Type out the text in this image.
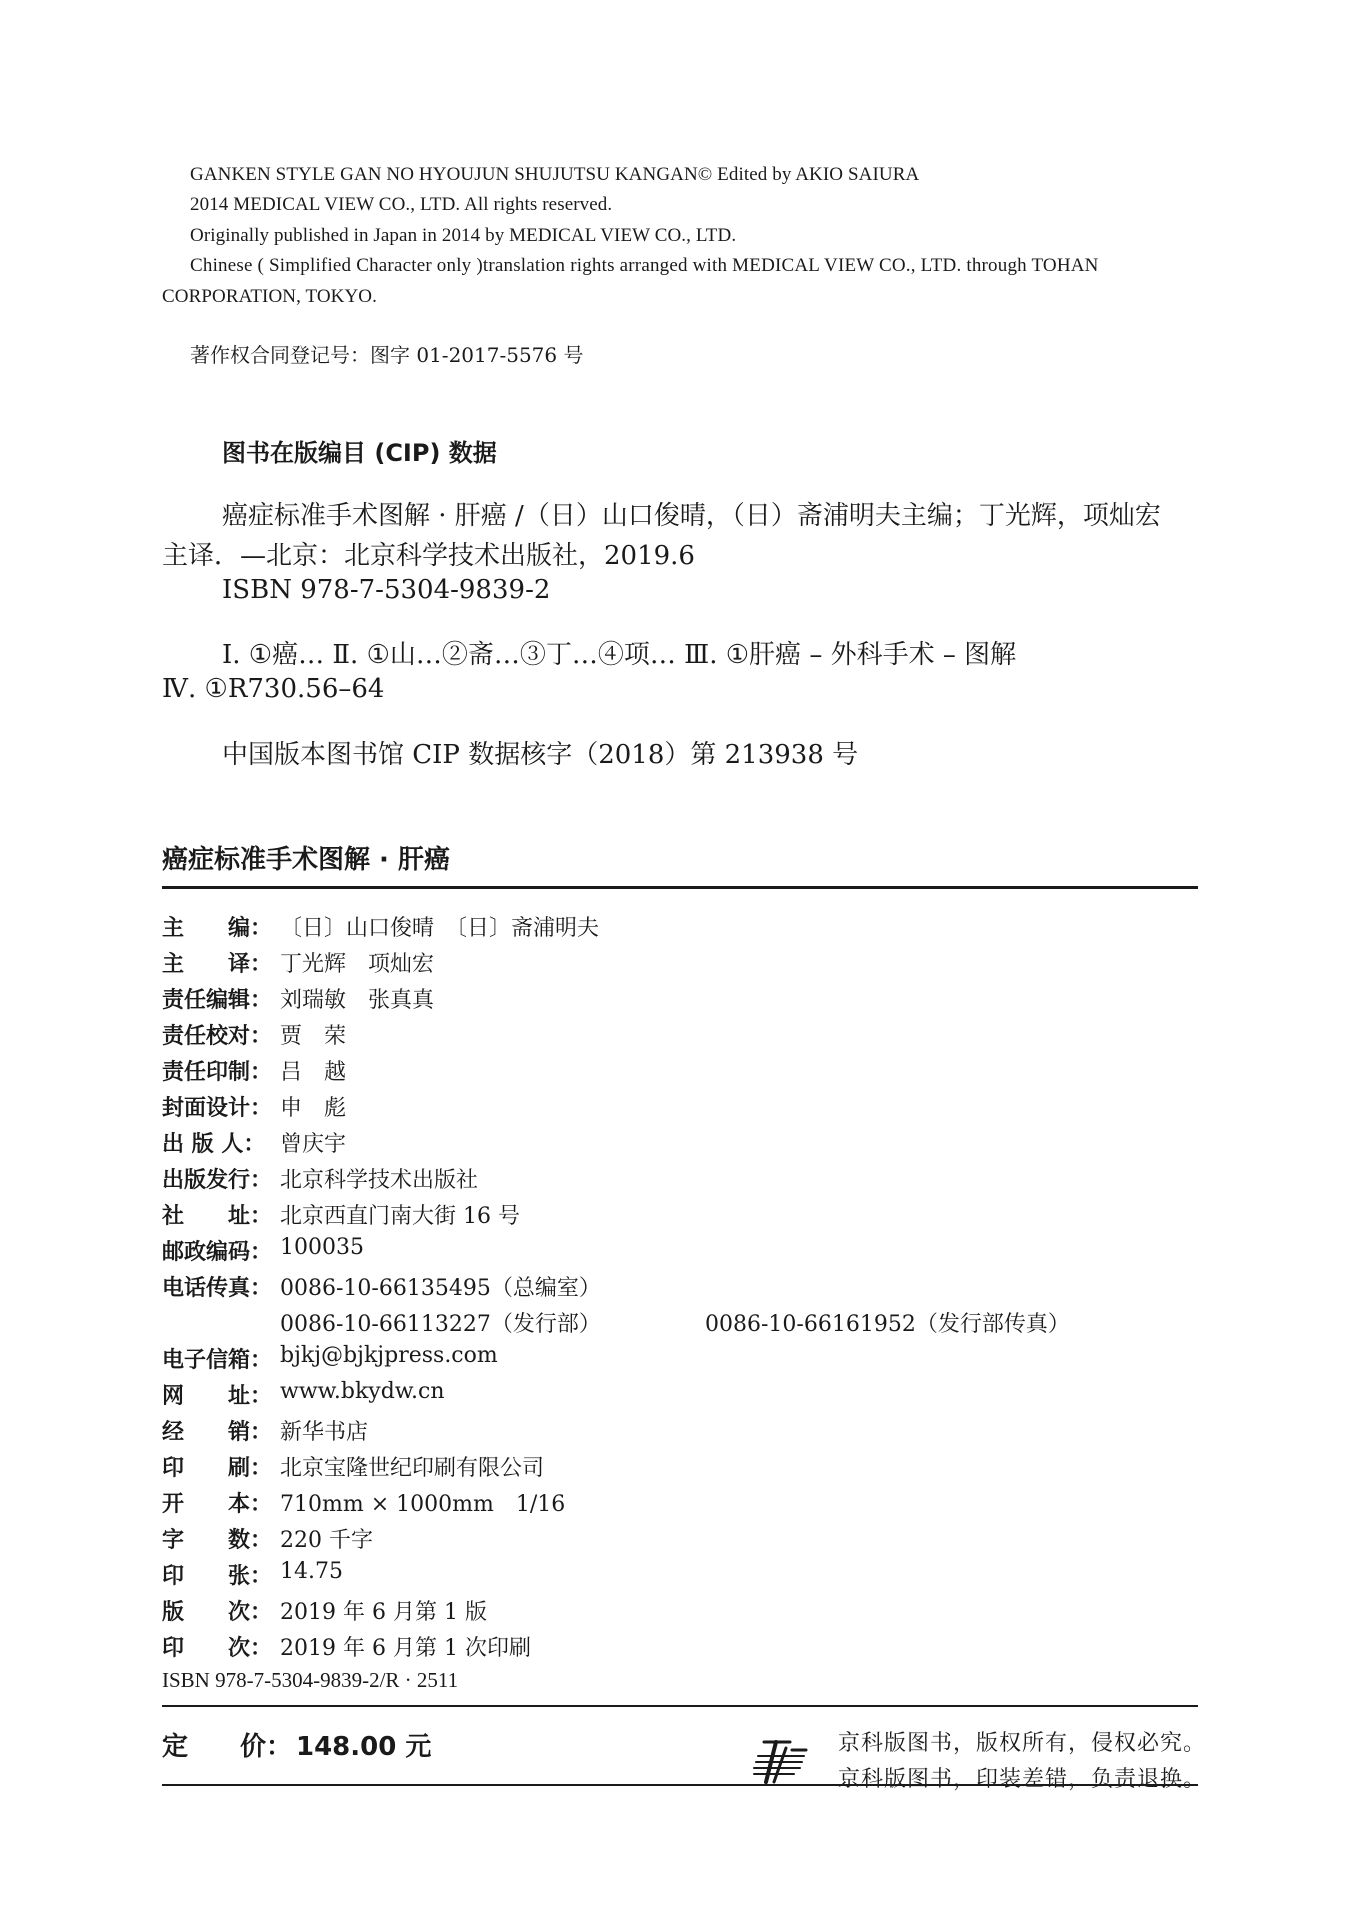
GANKEN STYLE GAN NO HYOUJUN SHUJUTSU KANGAN© Edited by AKIO SAIURA
2014 MEDICAL VIEW CO., LTD. All rights reserved.
Originally published in Japan in 2014 by MEDICAL VIEW CO., LTD.
Chinese ( Simplified Character only )translation rights arranged with MEDICAL VIEW CO., LTD. through TOHAN
CORPORATION, TOKYO.
著作权合同登记号：图字 01-2017-5576 号
图书在版编目 (CIP) 数据
癌症标准手术图解 · 肝癌 /（日）山口俊晴，（日）斋浦明夫主编；丁光辉，项灿宏
主译．—北京：北京科学技术出版社，2019.6
ISBN 978-7-5304-9839-2
Ⅰ. ①癌… Ⅱ. ①山…②斋…③丁…④项… Ⅲ. ①肝癌 – 外科手术 – 图解
Ⅳ. ①R730.56–64
中国版本图书馆 CIP 数据核字（2018）第 213938 号
癌症标准手术图解 · 肝癌
主　　编： 〔日〕山口俊晴　〔日〕斋浦明夫
主　　译： 丁光辉　项灿宏
责任编辑： 刘瑞敏　张真真
责任校对： 贾　荣
责任印制： 吕　越
封面设计： 申　彪
出 版 人： 曾庆宇
出版发行： 北京科学技术出版社
社　　址： 北京西直门南大街 16 号
邮政编码： 100035
电话传真： 0086-10-66135495（总编室）
0086-10-66113227（发行部）	0086-10-66161952（发行部传真）
电子信箱： bjkj@bjkjpress.com
网　　址： www.bkydw.cn
经　　销： 新华书店
印　　刷： 北京宝隆世纪印刷有限公司
开　　本： 710mm × 1000mm　1/16
字　　数： 220 千字
印　　张： 14.75
版　　次： 2019 年 6 月第 1 版
印　　次： 2019 年 6 月第 1 次印刷
ISBN 978-7-5304-9839-2/R · 2511
定　　价： 148.00 元	京科版图书，版权所有，侵权必究。
京科版图书，印装差错，负责退换。
